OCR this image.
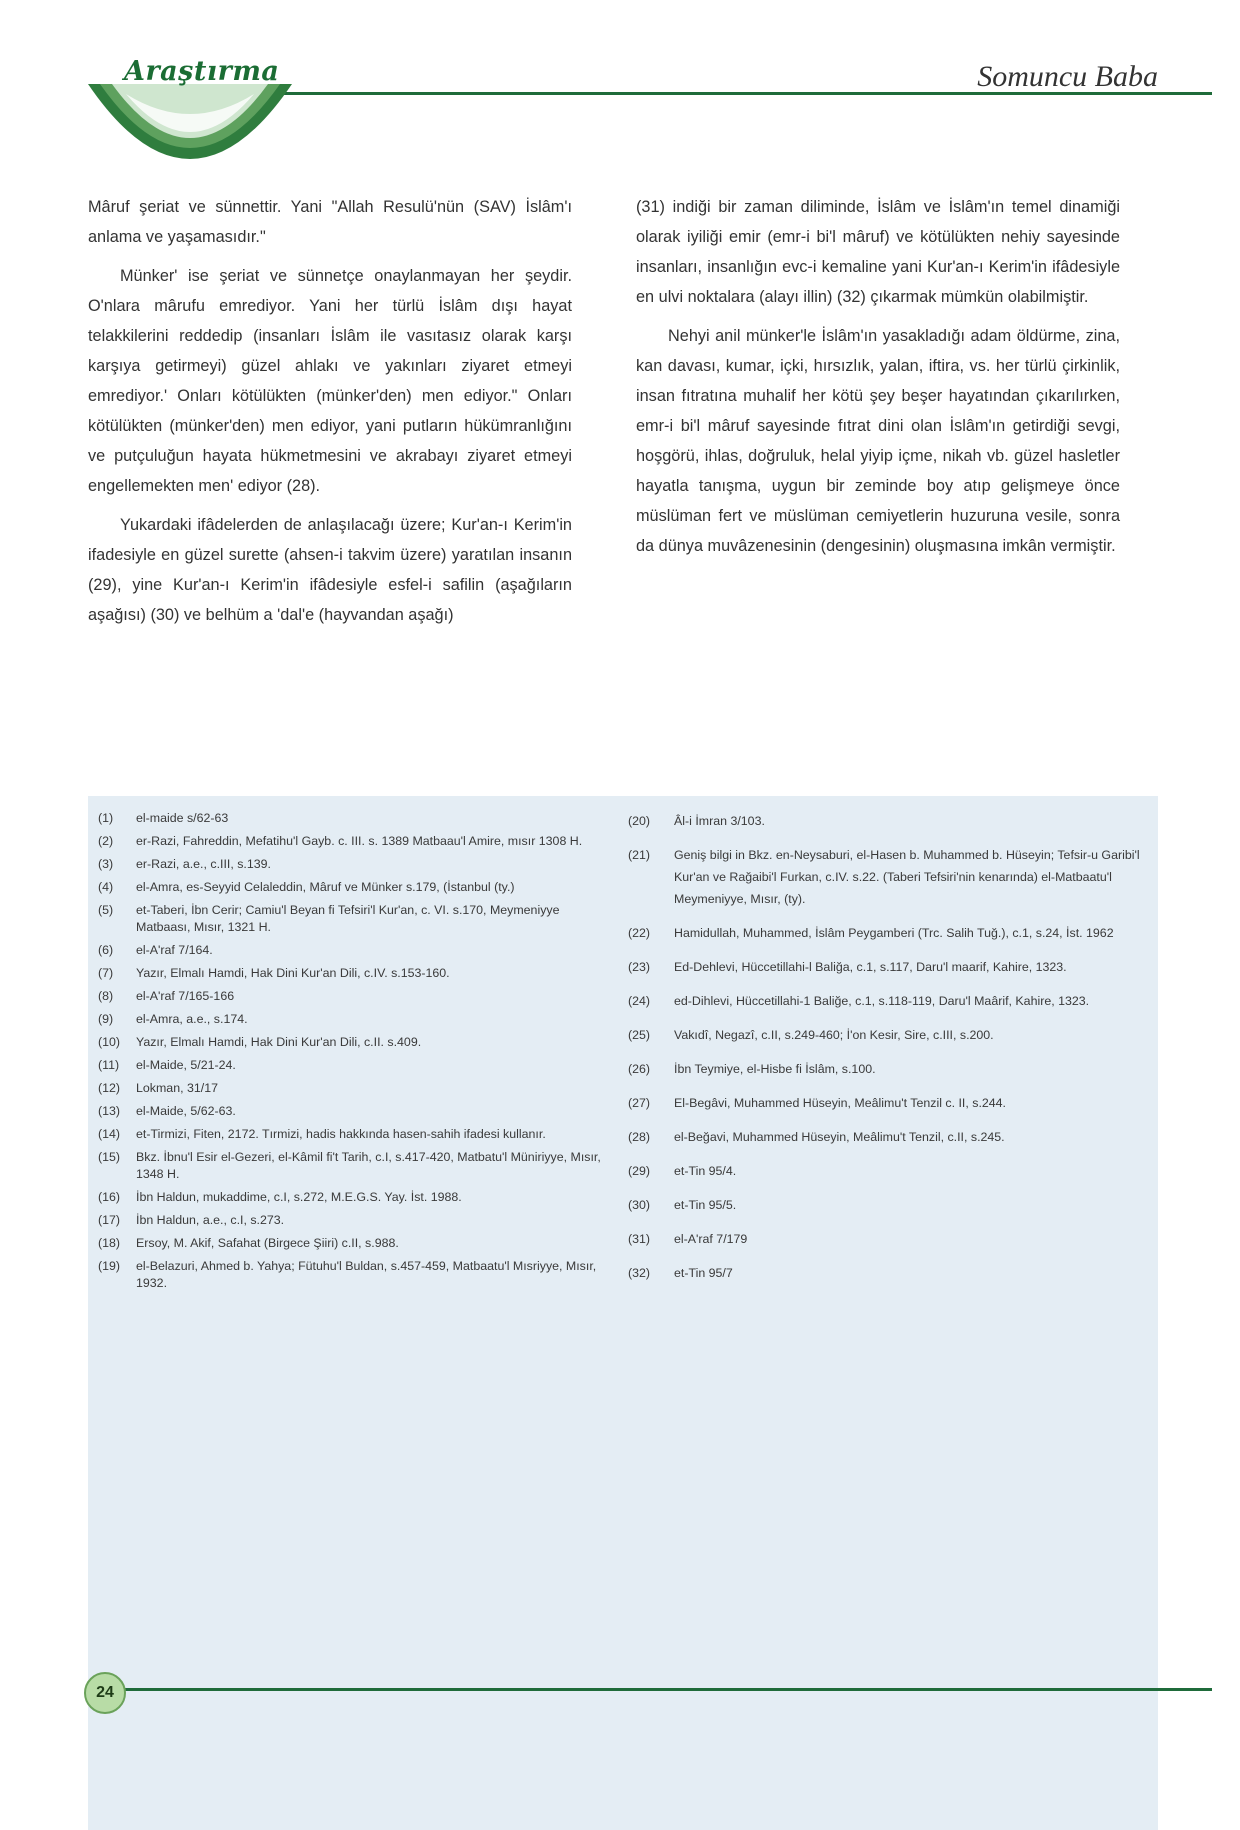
Araştırma	Somuncu Baba

Mâruf şeriat ve sünnettir. Yani "Allah Resulü'nün (SAV) İslâm'ı anlama ve yaşamasıdır."

Münker' ise şeriat ve sünnetçe onaylanmayan her şeydir. O'nlara mârufu emrediyor. Yani her türlü İslâm dışı hayat telakkilerini reddedip (insanları İslâm ile vasıtasız olarak karşı karşıya getirmeyi) güzel ahlakı ve yakınları ziyaret etmeyi emrediyor.' Onları kötülükten (münker'den) men ediyor." Onları kötülükten (münker'den) men ediyor, yani putların hükümranlığını ve putçuluğun hayata hükmetmesini ve akrabayı ziyaret etmeyi engellemekten men' ediyor (28).

Yukardaki ifâdelerden de anlaşılacağı üzere; Kur'an-ı Kerim'in ifadesiyle en güzel surette (ahsen-i takvim üzere) yaratılan insanın (29), yine Kur'an-ı Kerim'in ifâdesiyle esfel-i safilin (aşağıların aşağısı) (30) ve belhüm a 'dal'e (hayvandan aşağı)

(31) indiği bir zaman diliminde, İslâm ve İslâm'ın temel dinamiği olarak iyiliği emir (emr-i bi'l mâruf) ve kötülükten nehiy sayesinde insanları, insanlığın evc-i kemaline yani Kur'an-ı Kerim'in ifâdesiyle en ulvi noktalara (alayı illin) (32) çıkarmak mümkün olabilmiştir.

Nehyi anil münker'le İslâm'ın yasakladığı adam öldürme, zina, kan davası, kumar, içki, hırsızlık, yalan, iftira, vs. her türlü çirkinlik, insan fıtratına muhalif her kötü şey beşer hayatından çıkarılırken, emr-i bi'l mâruf sayesinde fıtrat dini olan İslâm'ın getirdiği sevgi, hoşgörü, ihlas, doğruluk, helal yiyip içme, nikah vb. güzel hasletler hayatla tanışma, uygun bir zeminde boy atıp gelişmeye önce müslüman fert ve müslüman cemiyetlerin huzuruna vesile, sonra da dünya muvâzenesinin (dengesinin) oluşmasına imkân vermiştir.

(1)	el-maide s/62-63
(2)	er-Razi, Fahreddin, Mefatihu'l Gayb. c. III. s. 1389 Matbaau'l Amire, mısır 1308 H.
(3)	er-Razi, a.e., c.III, s.139.
(4)	el-Amra, es-Seyyid Celaleddin, Mâruf ve Münker s.179, (İstanbul (ty.)
(5)	et-Taberi, İbn Cerir; Camiu'l Beyan fi Tefsiri'l Kur'an, c. VI. s.170, Meymeniyye Matbaası, Mısır, 1321 H.
(6)	el-A'raf 7/164.
(7)	Yazır, Elmalı Hamdi, Hak Dini Kur'an Dili, c.IV. s.153-160.
(8)	el-A'raf 7/165-166
(9)	el-Amra, a.e., s.174.
(10)	Yazır, Elmalı Hamdi, Hak Dini Kur'an Dili, c.II. s.409.
(11)	el-Maide, 5/21-24.
(12)	Lokman, 31/17
(13)	el-Maide, 5/62-63.
(14)	et-Tirmizi, Fiten, 2172. Tırmizi, hadis hakkında hasen-sahih ifadesi kullanır.
(15)	Bkz. İbnu'l Esir el-Gezeri, el-Kâmil fi't Tarih, c.I, s.417-420, Matbatu'l Müniriyye, Mısır, 1348 H.
(16)	İbn Haldun, mukaddime, c.I, s.272, M.E.G.S. Yay. İst. 1988.
(17)	İbn Haldun, a.e., c.I, s.273.
(18)	Ersoy, M. Akif, Safahat (Birgece Şiiri) c.II, s.988.
(19)	el-Belazuri, Ahmed b. Yahya; Fütuhu'l Buldan, s.457-459, Matbaatu'l Mısriyye, Mısır, 1932.
(20)	Âl-i İmran 3/103.
(21)	Geniş bilgi in Bkz. en-Neysaburi, el-Hasen b. Muhammed b. Hüseyin; Tefsir-u Garibi'l Kur'an ve Rağaibi'l Furkan, c.IV. s.22. (Taberi Tefsiri'nin kenarında) el-Matbaatu'l Meymeniyye, Mısır, (ty).
(22)	Hamidullah, Muhammed, İslâm Peygamberi (Trc. Salih Tuğ.), c.1, s.24, İst. 1962
(23)	Ed-Dehlevi, Hüccetillahi-l Baliğa, c.1, s.117, Daru'l maarif, Kahire, 1323.
(24)	ed-Dihlevi, Hüccetillahi-1 Baliğe, c.1, s.118-119, Daru'l Maârif, Kahire, 1323.
(25)	Vakıdî, Negazî, c.II, s.249-460; İ'on Kesir, Sire, c.III, s.200.
(26)	İbn Teymiye, el-Hisbe fi İslâm, s.100.
(27)	El-Begâvi, Muhammed Hüseyin, Meâlimu't Tenzil c. II, s.244.
(28)	el-Beğavi, Muhammed Hüseyin, Meâlimu't Tenzil, c.II, s.245.
(29)	et-Tin 95/4.
(30)	et-Tin 95/5.
(31)	el-A'raf 7/179
(32)	et-Tin 95/7
24
